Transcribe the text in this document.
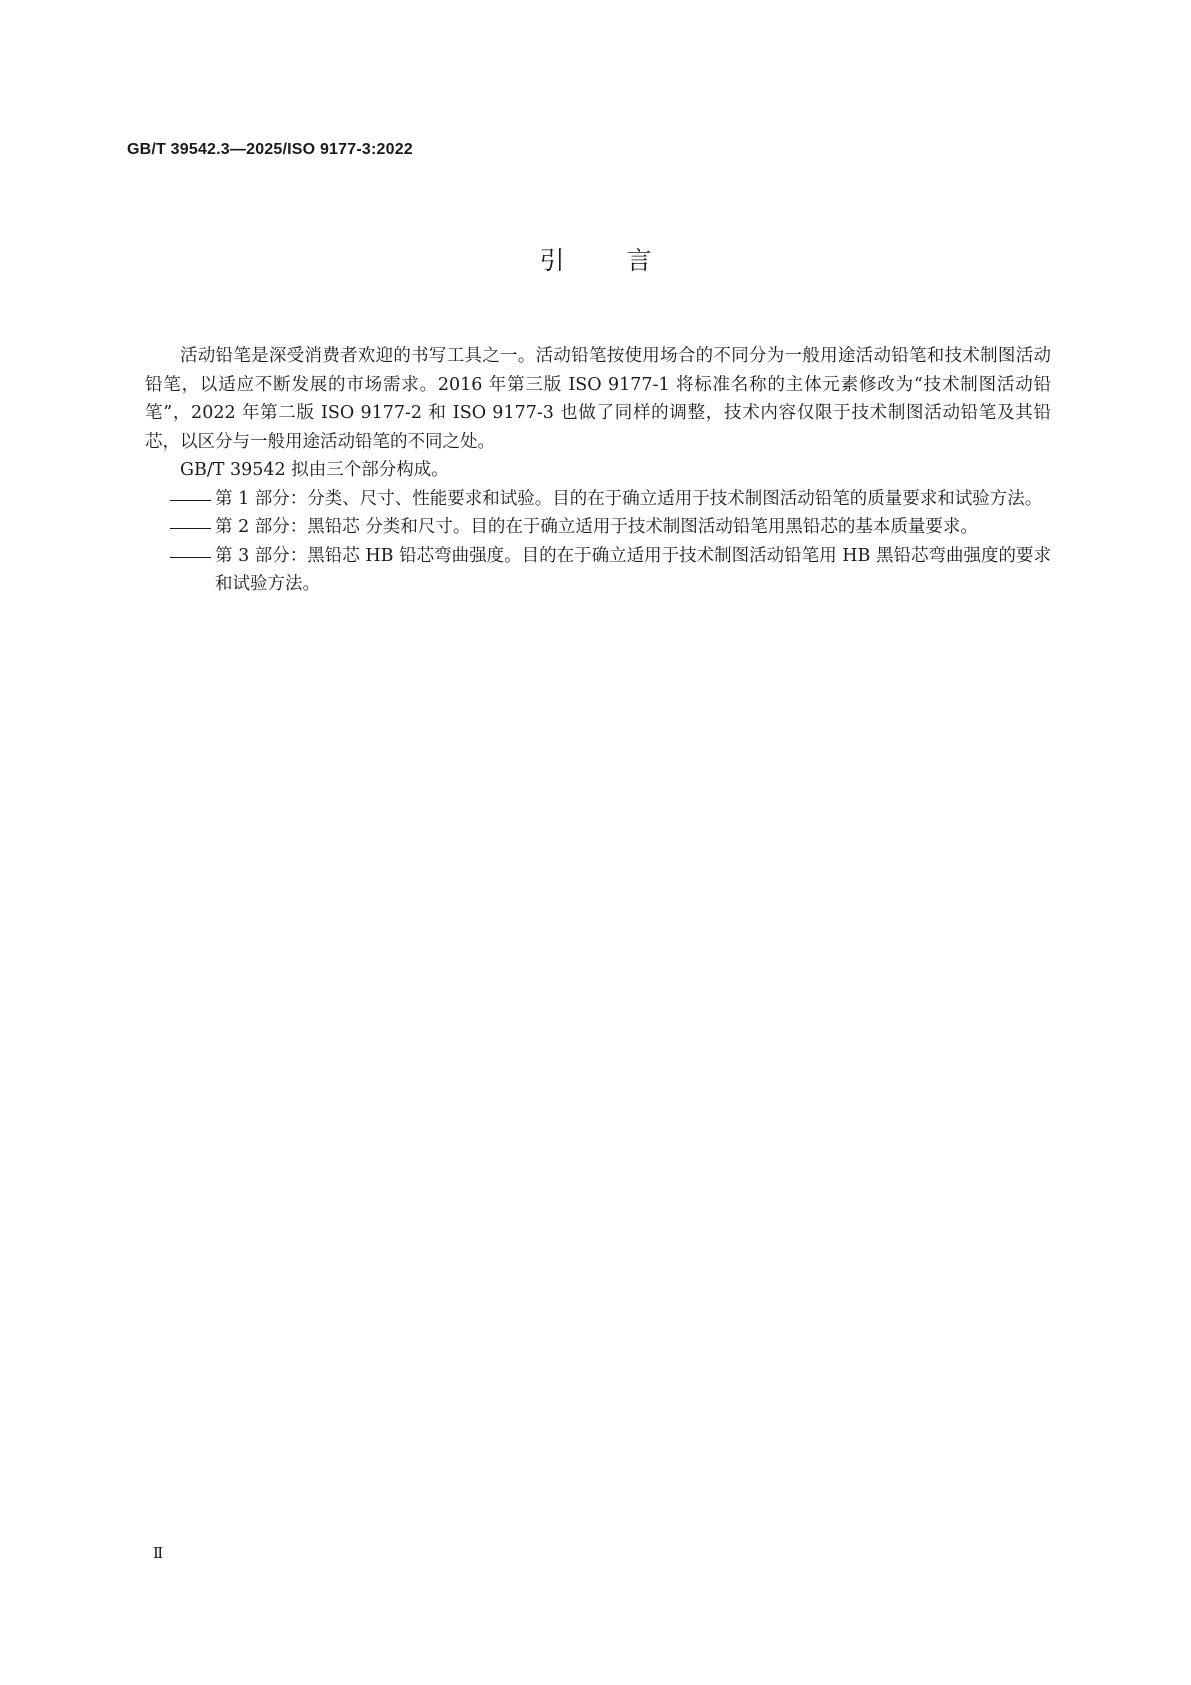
GB/T 39542.3—2025/ISO 9177-3:2022
引 言

活动铅笔是深受消费者欢迎的书写工具之一。活动铅笔按使用场合的不同分为一般用途活动铅笔和技术制图活动铅笔，以适应不断发展的市场需求。2016 年第三版 ISO 9177-1 将标准名称的主体元素修改为“技术制图活动铅笔”，2022 年第二版 ISO 9177-2 和 ISO 9177-3 也做了同样的调整，技术内容仅限于技术制图活动铅笔及其铅芯，以区分与一般用途活动铅笔的不同之处。

GB/T 39542 拟由三个部分构成。

第 1 部分：分类、尺寸、性能要求和试验。目的在于确立适用于技术制图活动铅笔的质量要求和试验方法。
第 2 部分：黑铅芯 分类和尺寸。目的在于确立适用于技术制图活动铅笔用黑铅芯的基本质量要求。
第 3 部分：黑铅芯 HB 铅芯弯曲强度。目的在于确立适用于技术制图活动铅笔用 HB 黑铅芯弯曲强度的要求和试验方法。
Ⅱ
